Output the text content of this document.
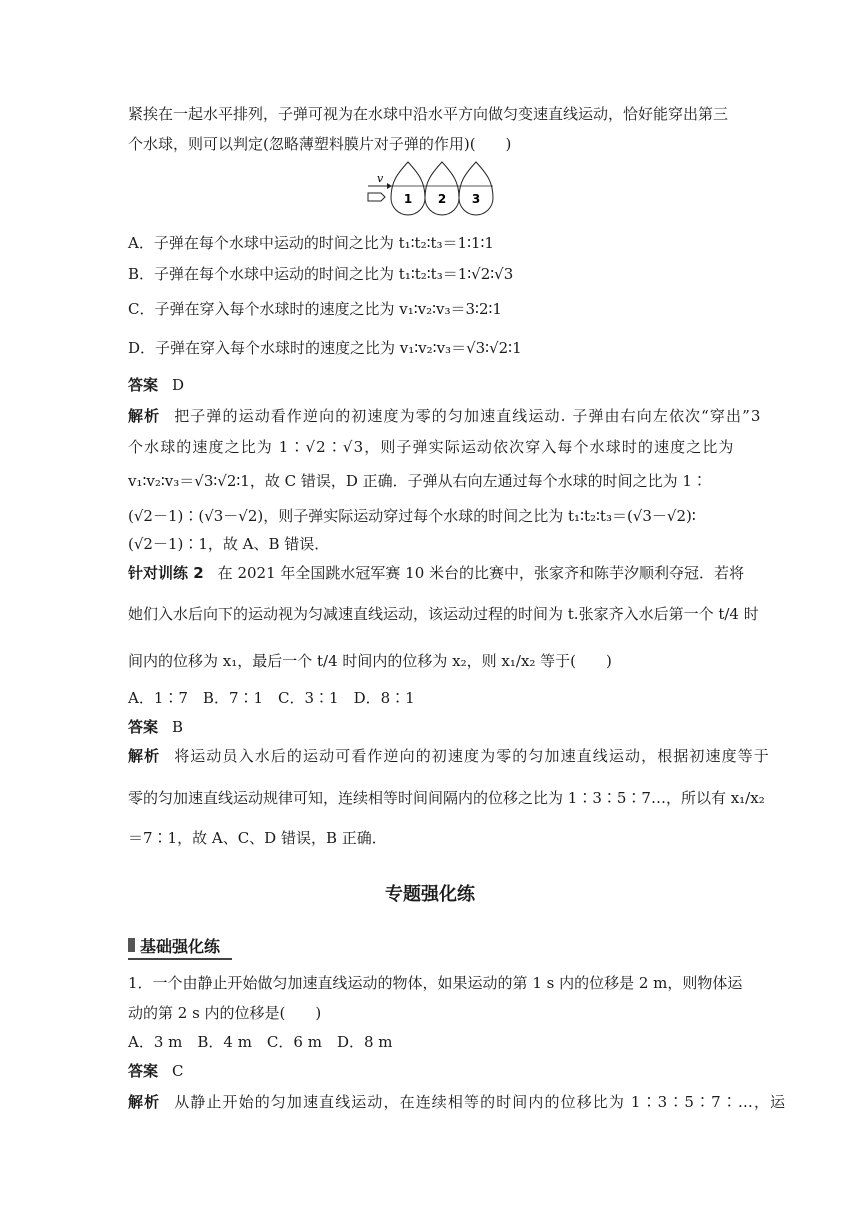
紧挨在一起水平排列，子弹可视为在水球中沿水平方向做匀变速直线运动，恰好能穿出第三
个水球，则可以判定(忽略薄塑料膜片对子弹的作用)(　　)
v
1 2 3
A．子弹在每个水球中运动的时间之比为 t₁∶t₂∶t₃＝1∶1∶1
B．子弹在每个水球中运动的时间之比为 t₁∶t₂∶t₃＝1∶√2∶√3
C．子弹在穿入每个水球时的速度之比为 v₁∶v₂∶v₃＝3∶2∶1
D．子弹在穿入每个水球时的速度之比为 v₁∶v₂∶v₃＝√3∶√2∶1
答案 D
解析 把子弹的运动看作逆向的初速度为零的匀加速直线运动. 子弹由右向左依次“穿出”3
个水球的速度之比为 1∶√2∶√3，则子弹实际运动依次穿入每个水球时的速度之比为
v₁∶v₂∶v₃＝√3∶√2∶1，故 C 错误，D 正确．子弹从右向左通过每个水球的时间之比为 1∶
(√2－1)∶(√3－√2)，则子弹实际运动穿过每个水球的时间之比为 t₁∶t₂∶t₃＝(√3－√2)∶
(√2－1)∶1，故 A、B 错误．
针对训练 2 在 2021 年全国跳水冠军赛 10 米台的比赛中，张家齐和陈芋汐顺利夺冠．若将
她们入水后向下的运动视为匀减速直线运动，该运动过程的时间为 t.张家齐入水后第一个 t/4 时
间内的位移为 x₁，最后一个 t/4 时间内的位移为 x₂，则 x₁/x₂ 等于(　　)
A．1∶7　B．7∶1　C．3∶1　D．8∶1
答案 B
解析 将运动员入水后的运动可看作逆向的初速度为零的匀加速直线运动，根据初速度等于
零的匀加速直线运动规律可知，连续相等时间间隔内的位移之比为 1∶3∶5∶7…，所以有 x₁/x₂
＝7∶1，故 A、C、D 错误，B 正确．
专题强化练
基础强化练
1．一个由静止开始做匀加速直线运动的物体，如果运动的第 1 s 内的位移是 2 m，则物体运
动的第 2 s 内的位移是(　　)
A．3 m　B．4 m　C．6 m　D．8 m
答案 C
解析 从静止开始的匀加速直线运动，在连续相等的时间内的位移比为 1∶3∶5∶7∶…，运
